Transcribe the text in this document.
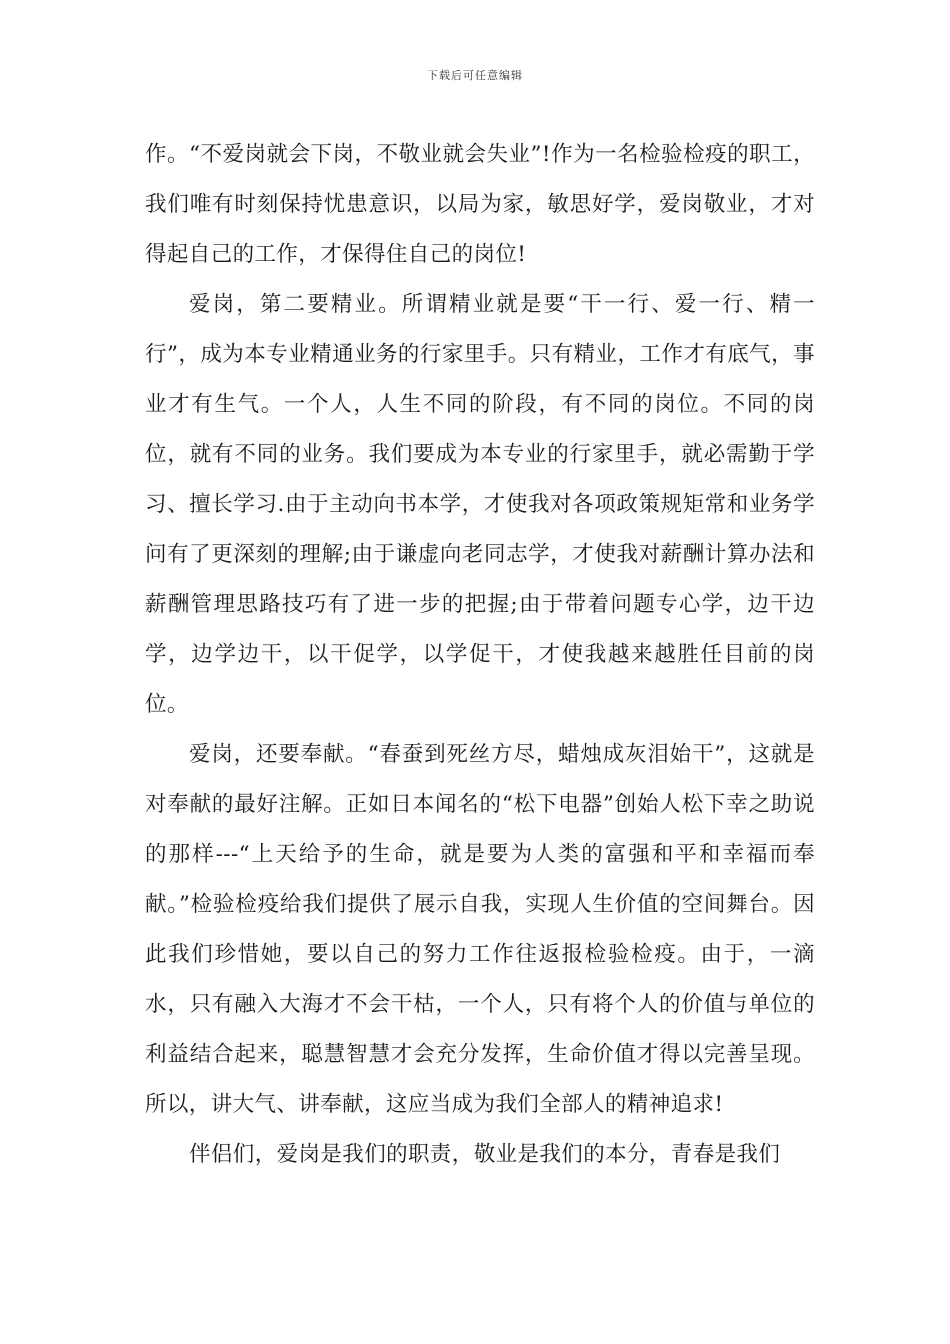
下载后可任意编辑

作。“不爱岗就会下岗，不敬业就会失业”!作为一名检验检疫的职工，我们唯有时刻保持忧患意识，以局为家，敏思好学，爱岗敬业，才对得起自己的工作，才保得住自己的岗位!

爱岗，第二要精业。所谓精业就是要“干一行、爱一行、精一行”，成为本专业精通业务的行家里手。只有精业，工作才有底气，事业才有生气。一个人，人生不同的阶段，有不同的岗位。不同的岗位，就有不同的业务。我们要成为本专业的行家里手，就必需勤于学习、擅长学习.由于主动向书本学，才使我对各项政策规矩常和业务学问有了更深刻的理解;由于谦虚向老同志学，才使我对薪酬计算办法和薪酬管理思路技巧有了进一步的把握;由于带着问题专心学，边干边学，边学边干，以干促学，以学促干，才使我越来越胜任目前的岗位。

爱岗，还要奉献。“春蚕到死丝方尽，蜡烛成灰泪始干”，这就是对奉献的最好注解。正如日本闻名的“松下电器”创始人松下幸之助说的那样---“上天给予的生命，就是要为人类的富强和平和幸福而奉献。”检验检疫给我们提供了展示自我，实现人生价值的空间舞台。因此我们珍惜她，要以自己的努力工作往返报检验检疫。由于，一滴水，只有融入大海才不会干枯，一个人，只有将个人的价值与单位的利益结合起来，聪慧智慧才会充分发挥，生命价值才得以完善呈现。所以，讲大气、讲奉献，这应当成为我们全部人的精神追求!

伴侣们，爱岗是我们的职责，敬业是我们的本分，青春是我们
